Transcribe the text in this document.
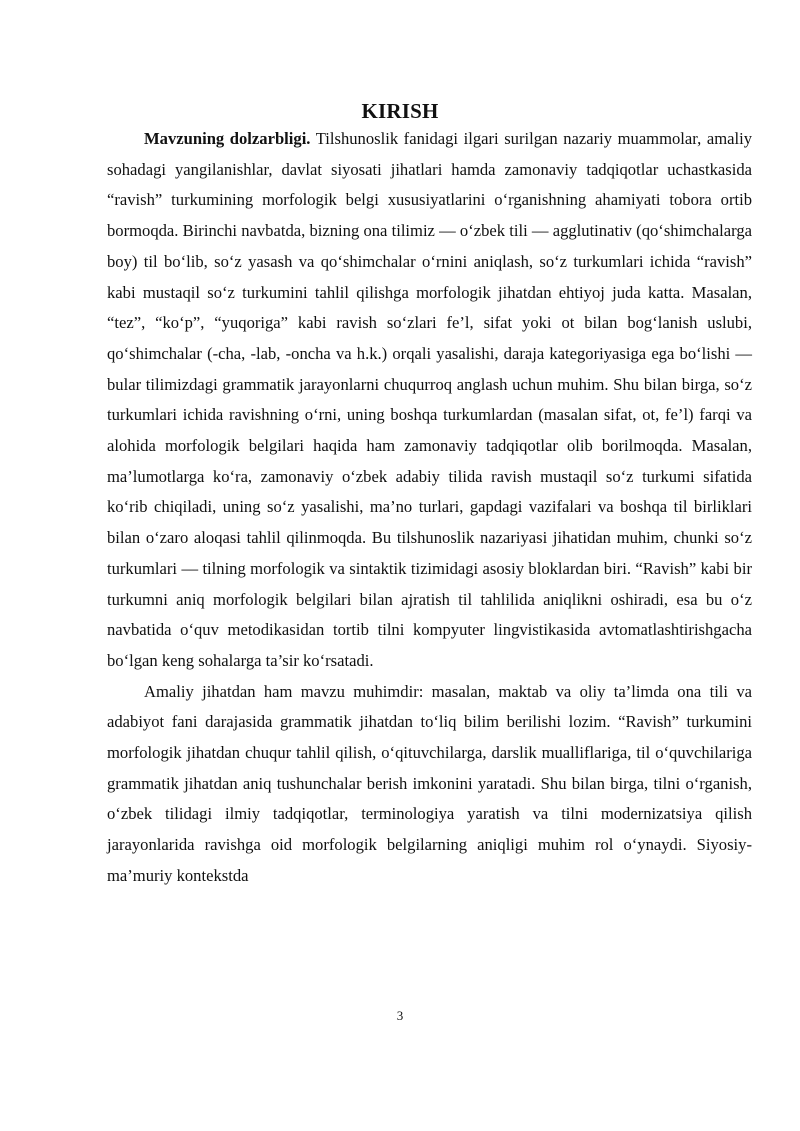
KIRISH

Mavzuning dolzarbligi. Tilshunoslik fanidagi ilgari surilgan nazariy muammolar, amaliy sohadagi yangilanishlar, davlat siyosati jihatlari hamda zamonaviy tadqiqotlar uchastkasida “ravish” turkumining morfologik belgi xususiyatlarini o‘rganishning ahamiyati tobora ortib bormoqda. Birinchi navbatda, bizning ona tilimiz — o‘zbek tili — agglutinativ (qo‘shimchalarga boy) til bo‘lib, so‘z yasash va qo‘shimchalar o‘rnini aniqlash, so‘z turkumlari ichida “ravish” kabi mustaqil so‘z turkumini tahlil qilishga morfologik jihatdan ehtiyoj juda katta. Masalan, “tez”, “ko‘p”, “yuqoriga” kabi ravish so‘zlari fe’l, sifat yoki ot bilan bog‘lanish uslubi, qo‘shimchalar (-cha, -lab, -oncha va h.k.) orqali yasalishi, daraja kategoriyasiga ega bo‘lishi — bular tilimizdagi grammatik jarayonlarni chuqurroq anglash uchun muhim. Shu bilan birga, so‘z turkumlari ichida ravishning o‘rni, uning boshqa turkumlardan (masalan sifat, ot, fe’l) farqi va alohida morfologik belgilari haqida ham zamonaviy tadqiqotlar olib borilmoqda. Masalan, ma’lumotlarga ko‘ra, zamonaviy o‘zbek adabiy tilida ravish mustaqil so‘z turkumi sifatida ko‘rib chiqiladi, uning so‘z yasalishi, ma’no turlari, gapdagi vazifalari va boshqa til birliklari bilan o‘zaro aloqasi tahlil qilinmoqda. Bu tilshunoslik nazariyasi jihatidan muhim, chunki so‘z turkumlari — tilning morfologik va sintaktik tizimidagi asosiy bloklardan biri. “Ravish” kabi bir turkumni aniq morfologik belgilari bilan ajratish til tahlilida aniqlikni oshiradi, esa bu o‘z navbatida o‘quv metodikasidan tortib tilni kompyuter lingvistikasida avtomatlashtirishgacha bo‘lgan keng sohalarga ta’sir ko‘rsatadi.

Amaliy jihatdan ham mavzu muhimdir: masalan, maktab va oliy ta’limda ona tili va adabiyot fani darajasida grammatik jihatdan to‘liq bilim berilishi lozim. “Ravish” turkumini morfologik jihatdan chuqur tahlil qilish, o‘qituvchilarga, darslik mualliflariga, til o‘quvchilariga grammatik jihatdan aniq tushunchalar berish imkonini yaratadi. Shu bilan birga, tilni o‘rganish, o‘zbek tilidagi ilmiy tadqiqotlar, terminologiya yaratish va tilni modernizatsiya qilish jarayonlarida ravishga oid morfologik belgilarning aniqligi muhim rol o‘ynaydi. Siyosiy-ma’muriy kontekstda

3
